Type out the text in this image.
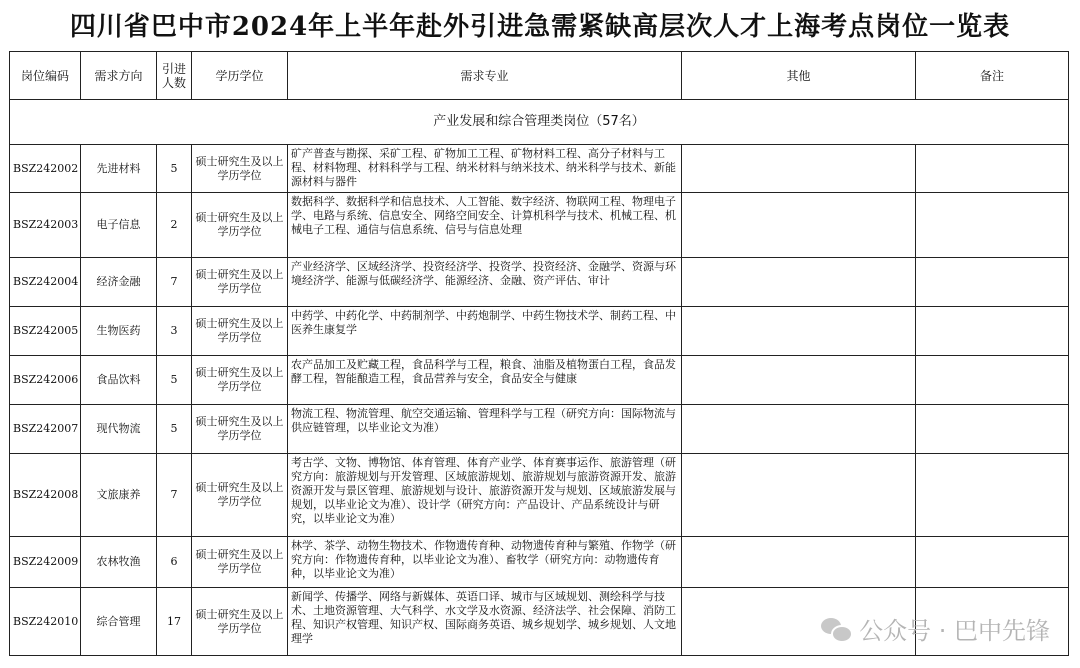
四川省巴中市2024年上半年赴外引进急需紧缺高层次人才上海考点岗位一览表
岗位编码	需求方向	引进人数	学历学位	需求专业	其他	备注
产业发展和综合管理类岗位（57名）						
BSZ242002	先进材料	5	硕士研究生及以上学历学位	矿产普查与勘探、采矿工程、矿物加工工程、矿物材料工程、高分子材料与工程、材料物理、材料科学与工程、纳米材料与纳米技术、纳米科学与技术、新能源材料与器件		
BSZ242003	电子信息	2	硕士研究生及以上学历学位	数据科学、数据科学和信息技术、人工智能、数字经济、物联网工程、物理电子学、电路与系统、信息安全、网络空间安全、计算机科学与技术、机械工程、机械电子工程、通信与信息系统、信号与信息处理		
BSZ242004	经济金融	7	硕士研究生及以上学历学位	产业经济学、区域经济学、投资经济学、投资学、投资经济、金融学、资源与环境经济学、能源与低碳经济学、能源经济、金融、资产评估、审计		
BSZ242005	生物医药	3	硕士研究生及以上学历学位	中药学、中药化学、中药制剂学、中药炮制学、中药生物技术学、制药工程、中医养生康复学		
BSZ242006	食品饮料	5	硕士研究生及以上学历学位	农产品加工及贮藏工程，食品科学与工程，粮食、油脂及植物蛋白工程，食品发酵工程，智能酿造工程，食品营养与安全，食品安全与健康		
BSZ242007	现代物流	5	硕士研究生及以上学历学位	物流工程、物流管理、航空交通运输、管理科学与工程（研究方向：国际物流与供应链管理，以毕业论文为准）		
BSZ242008	文旅康养	7	硕士研究生及以上学历学位	考古学、文物、博物馆、体育管理、体育产业学、体育赛事运作、旅游管理（研究方向：旅游规划与开发管理、区域旅游规划、旅游规划与旅游资源开发、旅游资源开发与景区管理、旅游规划与设计、旅游资源开发与规划、区域旅游发展与规划，以毕业论文为准）、设计学（研究方向：产品设计、产品系统设计与研究，以毕业论文为准）		
BSZ242009	农林牧渔	6	硕士研究生及以上学历学位	林学、茶学、动物生物技术、作物遗传育种、动物遗传育种与繁殖、作物学（研究方向：作物遗传育种，以毕业论文为准）、畜牧学（研究方向：动物遗传育种，以毕业论文为准）		
BSZ242010	综合管理	17	硕士研究生及以上学历学位	新闻学、传播学、网络与新媒体、英语口译、城市与区域规划、测绘科学与技术、土地资源管理、大气科学、水文学及水资源、经济法学、社会保障、消防工程、知识产权管理、知识产权、国际商务英语、城乡规划学、城乡规划、人文地理学			公众号 · 巴中先锋
